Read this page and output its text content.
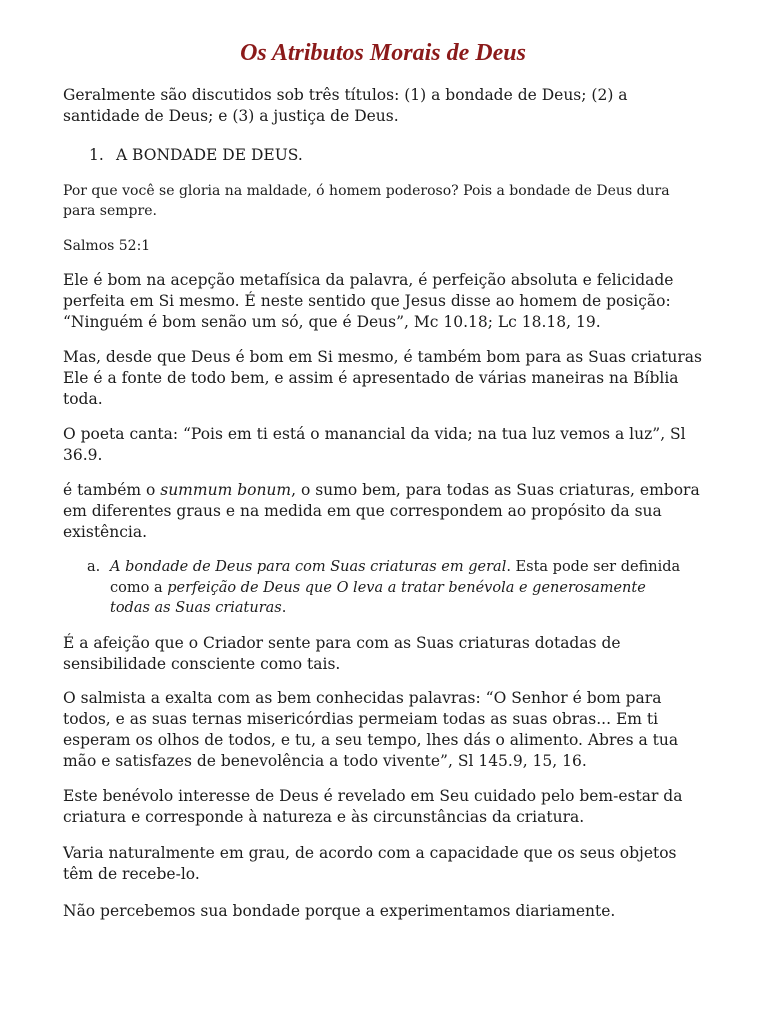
Os Atributos Morais de Deus

Geralmente são discutidos sob três títulos: (1) a bondade de Deus; (2) a santidade de Deus; e (3) a justiça de Deus.

1. A BONDADE DE DEUS.

Por que você se gloria na maldade, ó homem poderoso? Pois a bondade de Deus dura para sempre.

Salmos 52:1

Ele é bom na acepção metafísica da palavra, é perfeição absoluta e felicidade perfeita em Si mesmo. É neste sentido que Jesus disse ao homem de posição: “Ninguém é bom senão um só, que é Deus”, Mc 10.18; Lc 18.18, 19.

Mas, desde que Deus é bom em Si mesmo, é também bom para as Suas criaturas Ele é a fonte de todo bem, e assim é apresentado de várias maneiras na Bíblia toda.

O poeta canta: “Pois em ti está o manancial da vida; na tua luz vemos a luz”, Sl 36.9.

é também o summum bonum, o sumo bem, para todas as Suas criaturas, embora em diferentes graus e na medida em que correspondem ao propósito da sua existência.

a. A bondade de Deus para com Suas criaturas em geral. Esta pode ser definida como a perfeição de Deus que O leva a tratar benévola e generosamente todas as Suas criaturas.

É a afeição que o Criador sente para com as Suas criaturas dotadas de sensibilidade consciente como tais.

O salmista a exalta com as bem conhecidas palavras: “O Senhor é bom para todos, e as suas ternas misericórdias permeiam todas as suas obras... Em ti esperam os olhos de todos, e tu, a seu tempo, lhes dás o alimento. Abres a tua mão e satisfazes de benevolência a todo vivente”, Sl 145.9, 15, 16.

Este benévolo interesse de Deus é revelado em Seu cuidado pelo bem-estar da criatura e corresponde à natureza e às circunstâncias da criatura.

Varia naturalmente em grau, de acordo com a capacidade que os seus objetos têm de recebe-lo.

Não percebemos sua bondade porque a experimentamos diariamente.
